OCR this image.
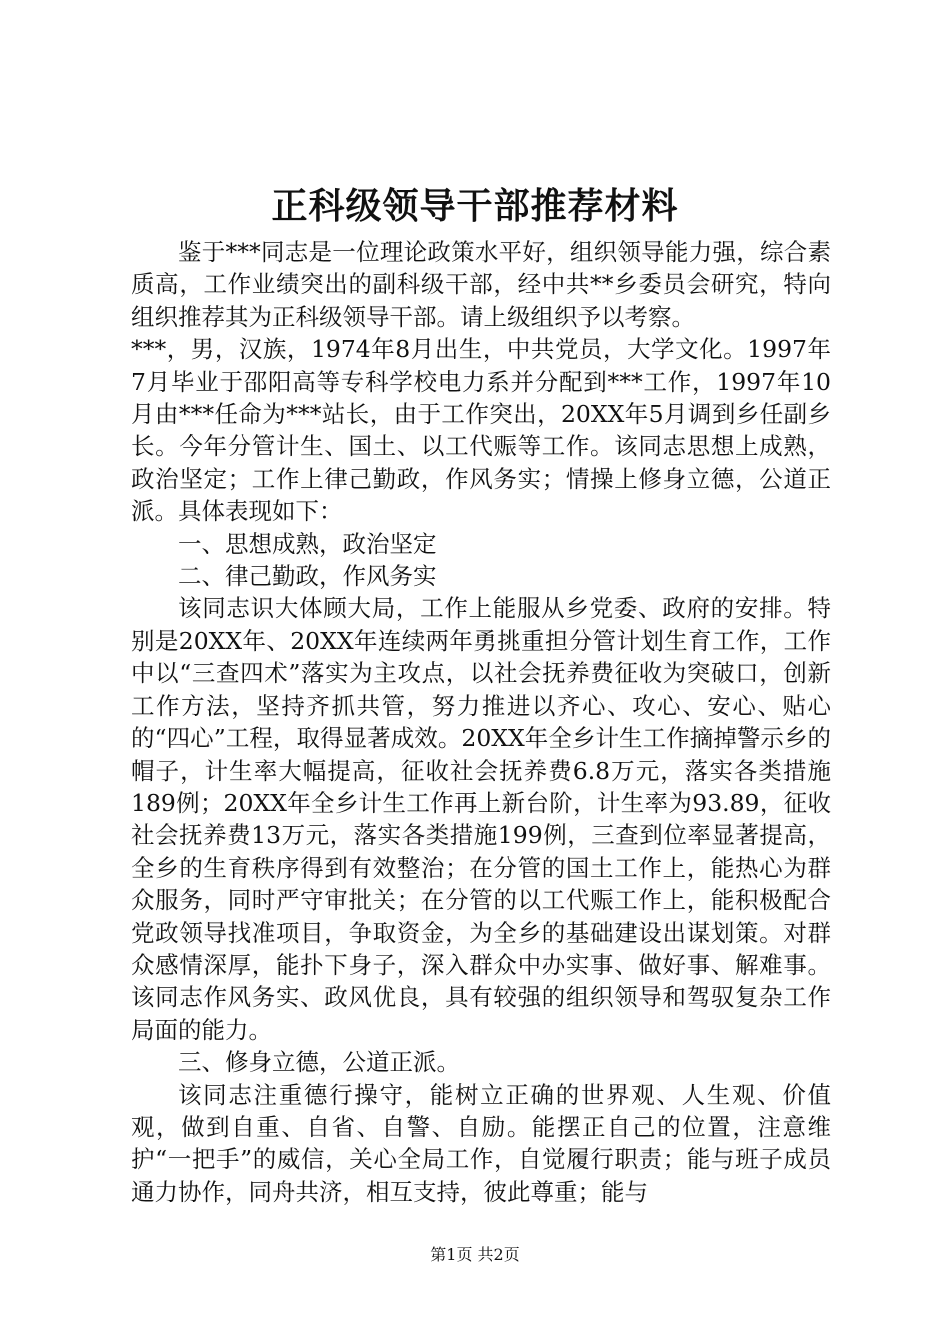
正科级领导干部推荐材料

鉴于***同志是一位理论政策水平好，组织领导能力强，综合素质高，工作业绩突出的副科级干部，经中共**乡委员会研究，特向组织推荐其为正科级领导干部。请上级组织予以考察。

***，男，汉族，1974年8月出生，中共党员，大学文化。1997年7月毕业于邵阳高等专科学校电力系并分配到***工作，1997年10月由***任命为***站长，由于工作突出，20XX年5月调到乡任副乡长。今年分管计生、国土、以工代赈等工作。该同志思想上成熟，政治坚定；工作上律己勤政，作风务实；情操上修身立德，公道正派。具体表现如下：

一、思想成熟，政治坚定

二、律己勤政，作风务实

该同志识大体顾大局，工作上能服从乡党委、政府的安排。特别是20XX年、20XX年连续两年勇挑重担分管计划生育工作，工作中以“三查四术”落实为主攻点，以社会抚养费征收为突破口，创新工作方法，坚持齐抓共管，努力推进以齐心、攻心、安心、贴心的“四心”工程，取得显著成效。20XX年全乡计生工作摘掉警示乡的帽子，计生率大幅提高，征收社会抚养费6.8万元，落实各类措施189例；20XX年全乡计生工作再上新台阶，计生率为93.89，征收社会抚养费13万元，落实各类措施199例，三查到位率显著提高，全乡的生育秩序得到有效整治；在分管的国土工作上，能热心为群众服务，同时严守审批关；在分管的以工代赈工作上，能积极配合党政领导找准项目，争取资金，为全乡的基础建设出谋划策。对群众感情深厚，能扑下身子，深入群众中办实事、做好事、解难事。该同志作风务实、政风优良，具有较强的组织领导和驾驭复杂工作局面的能力。

三、修身立德，公道正派。

该同志注重德行操守，能树立正确的世界观、人生观、价值观，做到自重、自省、自警、自励。能摆正自己的位置，注意维护“一把手”的威信，关心全局工作，自觉履行职责；能与班子成员通力协作，同舟共济，相互支持，彼此尊重；能与

第1页 共2页
